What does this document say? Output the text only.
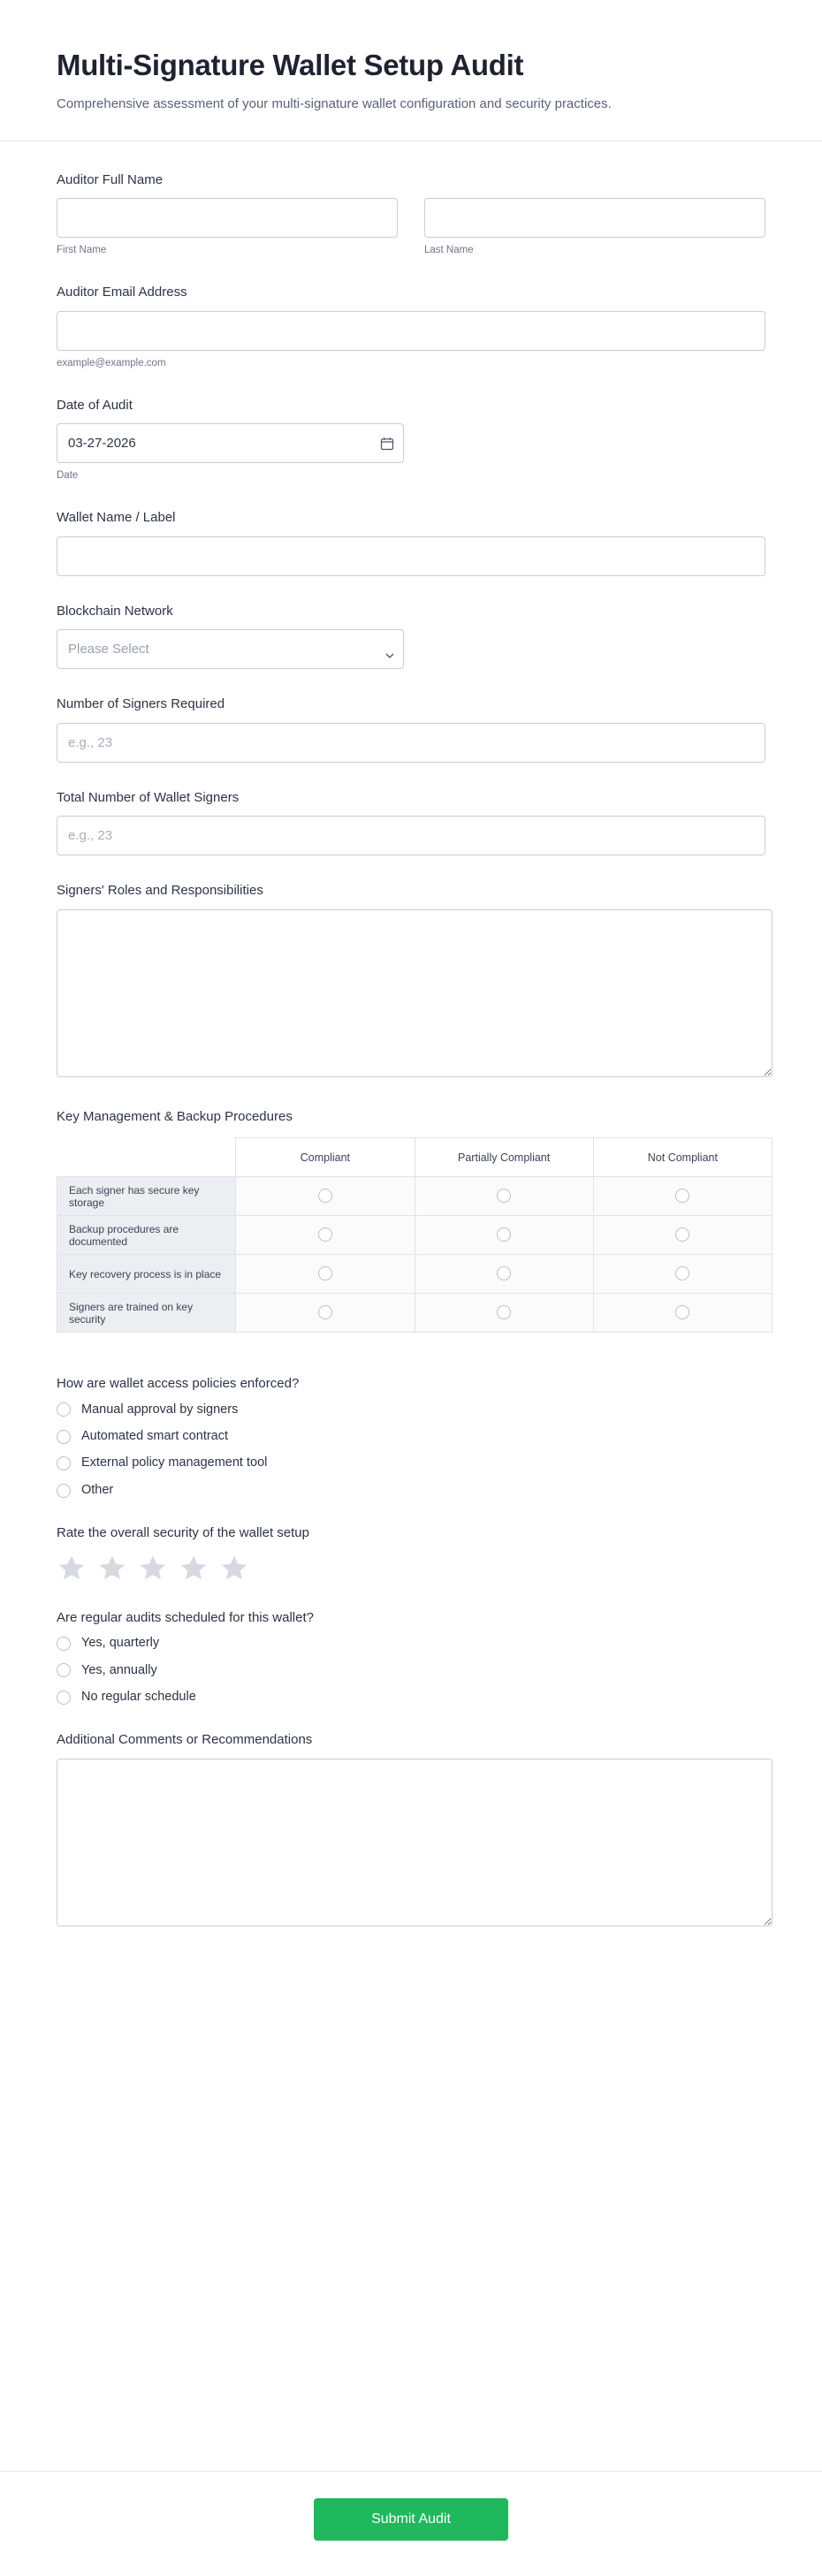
Multi-Signature Wallet Setup Audit

Comprehensive assessment of your multi-signature wallet configuration and security practices.

Auditor Full Name
First Name	Last Name
Auditor Email Address
example@example.com
Date of Audit
03-27-2026
Date
Wallet Name / Label
Blockchain Network
Please Select
Number of Signers Required
e.g., 23
Total Number of Wallet Signers
e.g., 23
Signers' Roles and Responsibilities
Key Management & Backup Procedures
	Compliant	Partially Compliant	Not Compliant
Each signer has secure key storage			
Backup procedures are documented			
Key recovery process is in place			
Signers are trained on key security			
How are wallet access policies enforced?
Manual approval by signers
Automated smart contract
External policy management tool
Other
Rate the overall security of the wallet setup
Are regular audits scheduled for this wallet?
Yes, quarterly
Yes, annually
No regular schedule
Additional Comments or Recommendations
Submit Audit
